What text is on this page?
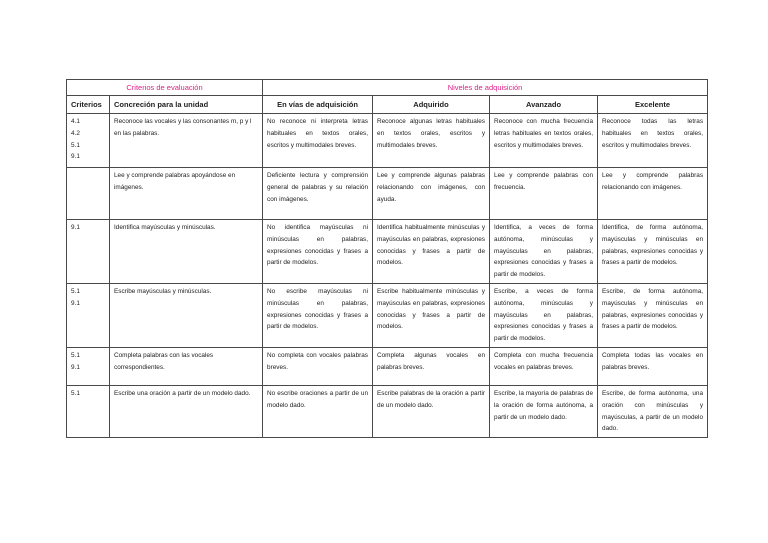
Criterios de evaluación		Niveles de adquisición			
Criterios	Concreción para la unidad	En vías de adquisición	Adquirido	Avanzado	Excelente

4.1
4.2
5.1
9.1	Reconoce las vocales y las consonantes m, p y l en las palabras.	No reconoce ni interpreta letras habituales en textos orales, escritos y multimodales breves.	Reconoce algunas letras habituales en textos orales, escritos y multimodales breves.	Reconoce con mucha frecuencia letras habituales en textos orales, escritos y multimodales breves.	Reconoce todas las letras habituales en textos orales, escritos y multimodales breves.

	Lee y comprende palabras apoyándose en imágenes.	Deficiente lectura y comprensión general de palabras y su relación con imágenes.	Lee y comprende algunas palabras relacionando con imágenes, con ayuda.	Lee y comprende palabras con frecuencia.	Lee y comprende palabras relacionando con imágenes.

9.1	Identifica mayúsculas y minúsculas.	No identifica mayúsculas ni minúsculas en palabras, expresiones conocidas y frases a partir de modelos.	Identifica habitualmente minúsculas y mayúsculas en palabras, expresiones conocidas y frases a partir de modelos.	Identifica, a veces de forma autónoma, minúsculas y mayúsculas en palabras, expresiones conocidas y frases a partir de modelos.	Identifica, de forma autónoma, mayúsculas y minúsculas en palabras, expresiones conocidas y frases a partir de modelos.

5.1
9.1	Escribe mayúsculas y minúsculas.	No escribe mayúsculas ni minúsculas en palabras, expresiones conocidas y frases a partir de modelos.	Escribe habitualmente minúsculas y mayúsculas en palabras, expresiones conocidas y frases a partir de modelos.	Escribe, a veces de forma autónoma, minúsculas y mayúsculas en palabras, expresiones conocidas y frases a partir de modelos.	Escribe, de forma autónoma, mayúsculas y minúsculas en palabras, expresiones conocidas y frases a partir de modelos.

5.1
9.1	Completa palabras con las vocales correspondientes.	No completa con vocales palabras breves.	Completa algunas vocales en palabras breves.	Completa con mucha frecuencia vocales en palabras breves.	Completa todas las vocales en palabras breves.

5.1	Escribe una oración a partir de un modelo dado.	No escribe oraciones a partir de un modelo dado.	Escribe palabras de la oración a partir de un modelo dado.	Escribe, la mayoría de palabras de la oración de forma autónoma, a partir de un modelo dado.	Escribe, de forma autónoma, una oración con minúsculas y mayúsculas, a partir de un modelo dado.
